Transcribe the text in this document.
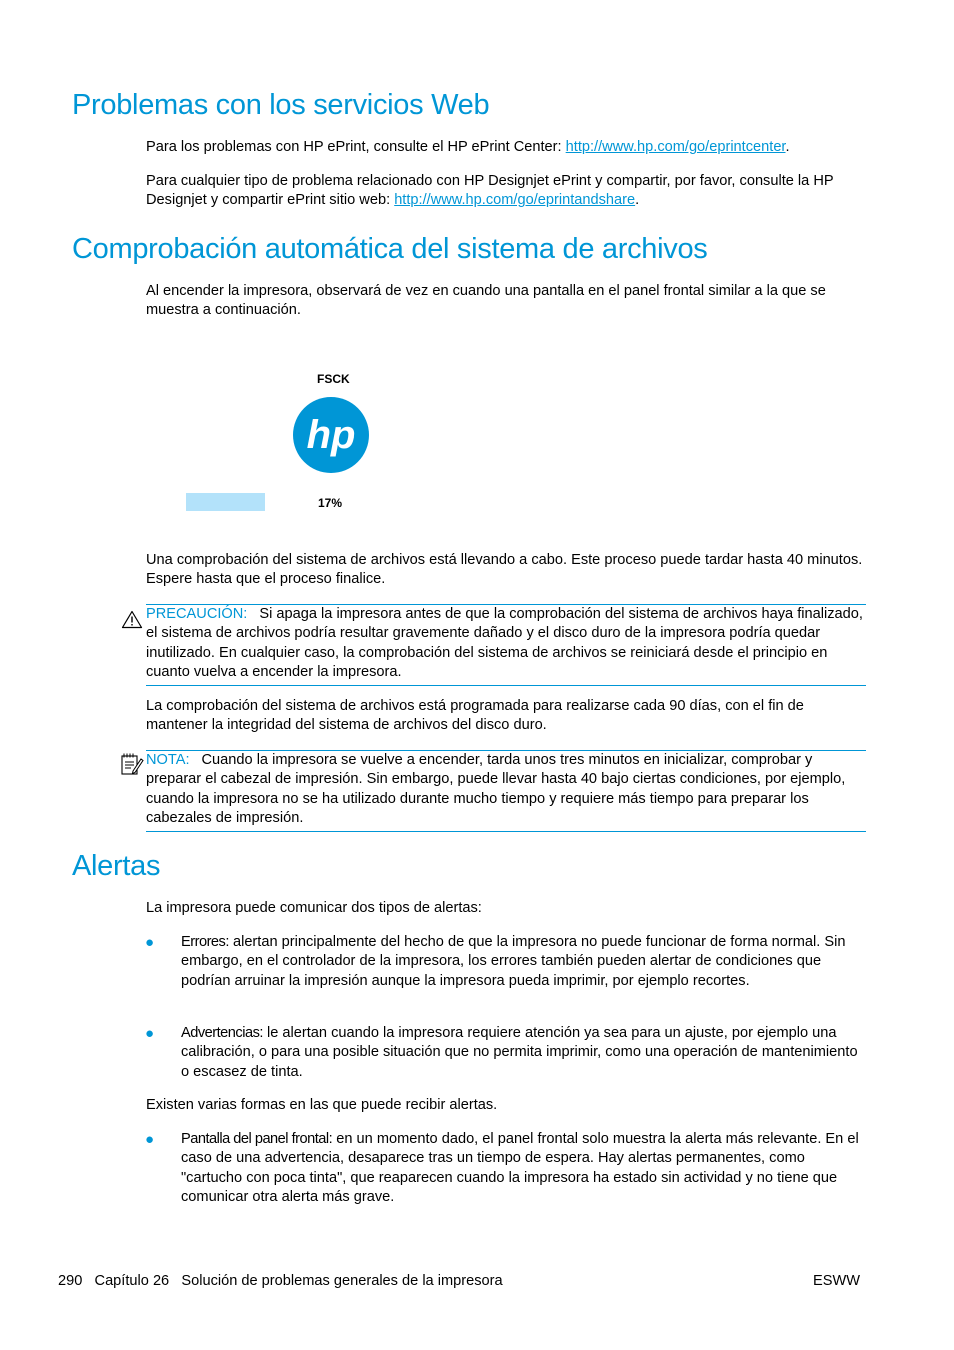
Problemas con los servicios Web

Para los problemas con HP ePrint, consulte el HP ePrint Center: http://www.hp.com/go/eprintcenter.

Para cualquier tipo de problema relacionado con HP Designjet ePrint y compartir, por favor, consulte la HP Designjet y compartir ePrint sitio web: http://www.hp.com/go/eprintandshare.

Comprobación automática del sistema de archivos

Al encender la impresora, observará de vez en cuando una pantalla en el panel frontal similar a la que se muestra a continuación.

FSCK
hp
17%

Una comprobación del sistema de archivos está llevando a cabo. Este proceso puede tardar hasta 40 minutos. Espere hasta que el proceso finalice.

PRECAUCIÓN: Si apaga la impresora antes de que la comprobación del sistema de archivos haya finalizado, el sistema de archivos podría resultar gravemente dañado y el disco duro de la impresora podría quedar inutilizado. En cualquier caso, la comprobación del sistema de archivos se reiniciará desde el principio en cuanto vuelva a encender la impresora.

La comprobación del sistema de archivos está programada para realizarse cada 90 días, con el fin de mantener la integridad del sistema de archivos del disco duro.

NOTA: Cuando la impresora se vuelve a encender, tarda unos tres minutos en inicializar, comprobar y preparar el cabezal de impresión. Sin embargo, puede llevar hasta 40 bajo ciertas condiciones, por ejemplo, cuando la impresora no se ha utilizado durante mucho tiempo y requiere más tiempo para preparar los cabezales de impresión.
Alertas

La impresora puede comunicar dos tipos de alertas:

● Errores: alertan principalmente del hecho de que la impresora no puede funcionar de forma normal. Sin embargo, en el controlador de la impresora, los errores también pueden alertar de condiciones que podrían arruinar la impresión aunque la impresora pueda imprimir, por ejemplo recortes.

● Advertencias: le alertan cuando la impresora requiere atención ya sea para un ajuste, por ejemplo una calibración, o para una posible situación que no permita imprimir, como una operación de mantenimiento o escasez de tinta.

Existen varias formas en las que puede recibir alertas.

● Pantalla del panel frontal: en un momento dado, el panel frontal solo muestra la alerta más relevante. En el caso de una advertencia, desaparece tras un tiempo de espera. Hay alertas permanentes, como "cartucho con poca tinta", que reaparecen cuando la impresora ha estado sin actividad y no tiene que comunicar otra alerta más grave.

290 Capítulo 26 Solución de problemas generales de la impresora	ESWW
